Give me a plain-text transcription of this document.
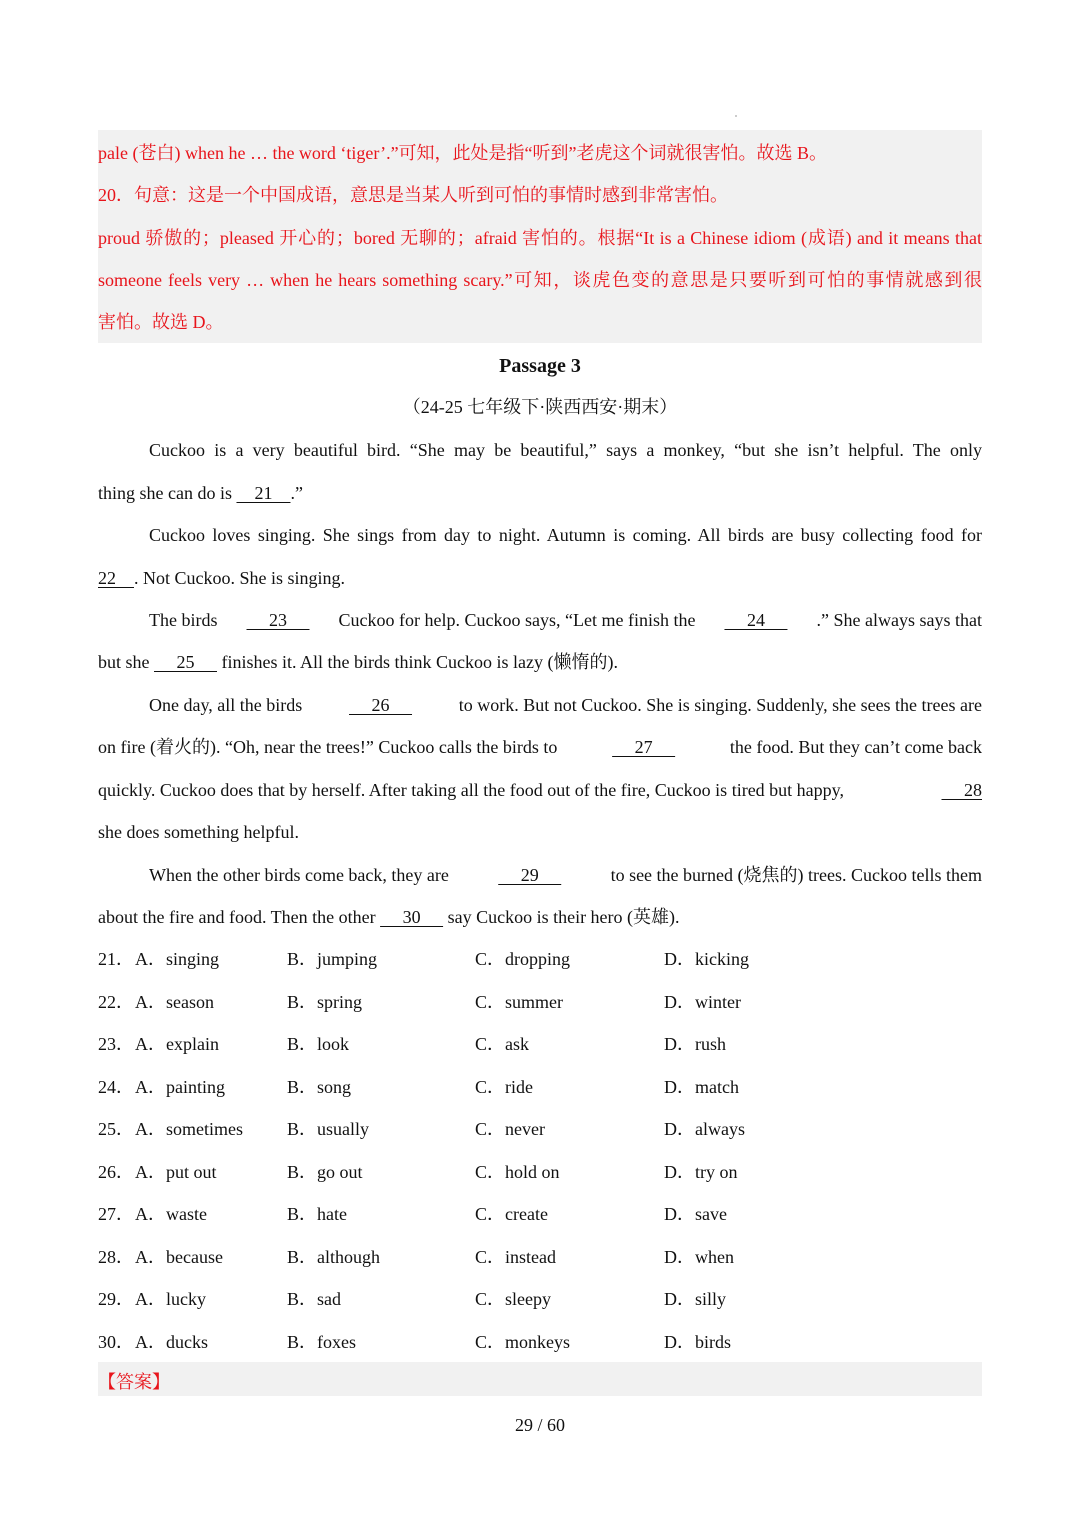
pale (苍白) when he … the word ‘tiger’.”可知，此处是指“听到”老虎这个词就很害怕。故选 B。
20．句意：这是一个中国成语，意思是当某人听到可怕的事情时感到非常害怕。
proud 骄傲的；pleased 开心的；bored 无聊的；afraid 害怕的。根据“It is a Chinese idiom (成语) and it means that
someone feels very … when he hears something scary.”可知，谈虎色变的意思是只要听到可怕的事情就感到很
害怕。故选 D。
Passage 3
（24-25 七年级下·陕西西安·期末）
Cuckoo is a very beautiful bird. “She may be beautiful,” says a monkey, “but she isn’t helpful. The only
thing she can do is     21    .”
Cuckoo loves singing. She sings from day to night. Autumn is coming. All birds are busy collecting food for
22    . Not Cuckoo. She is singing.
The birds 23 Cuckoo for help. Cuckoo says, “Let me finish the 24 .” She always says that
but she      25      finishes it. All the birds think Cuckoo is lazy (懒惰的).
One day, all the birds	26	to work. But not Cuckoo. She is singing. Suddenly, she sees the trees are
on fire (着火的). “Oh, near the trees!” Cuckoo calls the birds to	27	the food. But they can’t come back
quickly. Cuckoo does that by herself. After taking all the food out of the fire, Cuckoo is tired but happy,	28
she does something helpful.
When the other birds come back, they are	29	to see the burned (烧焦的) trees. Cuckoo tells them
about the fire and food. Then the other      30      say Cuckoo is their hero (英雄).
21． A．singing	B．jumping	C．dropping	D．kicking
22． A．season	B．spring	C．summer	D．winter
23． A．explain	B．look	C．ask	D．rush
24． A．painting	B．song	C．ride	D．match
25． A．sometimes B．usually	C．never	D．always
26． A．put out	B．go out	C．hold on	D．try on
27． A．waste	B．hate	C．create	D．save
28． A．because	B．although	C．instead	D．when
29． A．lucky	B．sad	C．sleepy	D．silly
30． A．ducks	B．foxes	C．monkeys	D．birds
【答案】
29 / 60
